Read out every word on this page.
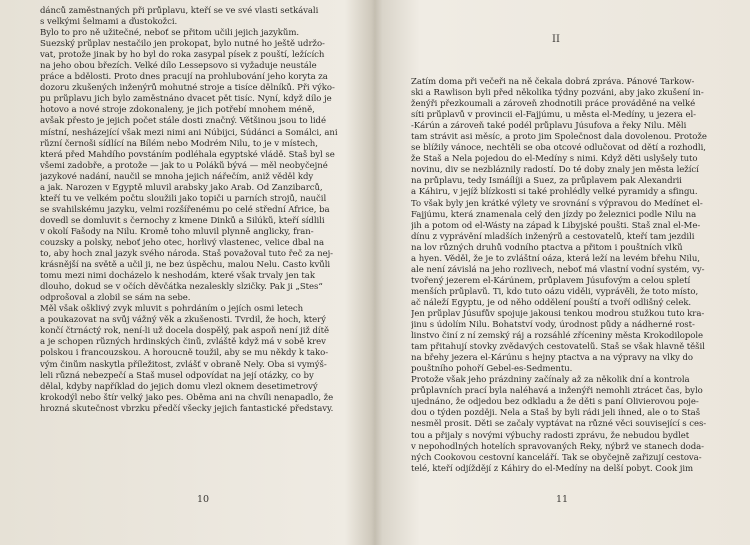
dánců zaměstnaných při průplavu, kteří se ve své vlasti setkávali
s velkými šelmami a ďustokožci.
Bylo to pro ně užitečné, neboť se přitom učili jejich jazykům.
Suezský průplav nestačilo jen prokopat, bylo nutné ho ještě udržo-
vat, protože jinak by ho byl do roka zasypal písek z pouští, ležících
na jeho obou březích. Velké dílo Lessepsovo si vyžaduje neustále
práce a bdělosti. Proto dnes pracují na prohlubování jeho koryta za
dozoru zkušených inženýrů mohutné stroje a tisíce dělníků. Při výko-
pu průplavu jich bylo zaměstnáno dvacet pět tisíc. Nyní, když dílo je
hotovo a nové stroje zdokonaleny, je jich potřebí mnohem méně,
avšak přesto je jejich počet stále dosti značný. Většinou jsou to lidé
místní, nesházející však mezi nimi ani Núbijci, Súdánci a Somálci, ani
různí černoši sídlící na Bílém nebo Modrém Nilu, to je v místech,
která před Mahdího povstáním podléhala egyptské vládě. Staš byl se
všemi zadobře, a protože — jak to u Poláků bývá — měl neobyčejné
jazykové nadání, naučil se mnoha jejich nářečím, aniž věděl kdy
a jak. Narozen v Egyptě mluvil arabsky jako Arab. Od Zanzibarců,
kteří tu ve velkém počtu sloužili jako topiči u parních strojů, naučil
se svahilskému jazyku, velmi rozšířenému po celé střední Africe, ba
dovedl se domluvit s černochy z kmene Dinků a Šilúků, kteří sídlili
v okolí Fašody na Nilu. Kromě toho mluvil plynně anglicky, fran-
couzsky a polsky, neboť jeho otec, horlivý vlastenec, velice dbal na
to, aby hoch znal jazyk svého národa. Staš považoval tuto řeč za nej-
krásnější na světě a učil ji, ne bez úspěchu, malou Nelu. Často kvůli
tomu mezi nimi docházelo k neshodám, které však trvaly jen tak
dlouho, dokud se v očích děvčátka nezaleskly slzičky. Pak ji „Stes“
odprošoval a zlobil se sám na sebe.
Měl však ošklivý zvyk mluvit s pohrdáním o jejích osmi letech
a poukazovat na svůj vážný věk a zkušenosti. Tvrdil, že hoch, který
končí čtrnáctý rok, není-li už docela dospělý, pak aspoň není již dítě
a je schopen různých hrdinských činů, zvláště když má v sobě krev
polskou i francouzskou. A horoucně toužil, aby se mu někdy k tako-
vým činům naskytla příležitost, zvlášť v obraně Nely. Oba si vymýš-
leli různá nebezpečí a Staš musel odpovídat na její otázky, co by
dělal, kdyby například do jejich domu vlezl oknem desetimetrový
krokodýl nebo štír velký jako pes. Oběma ani na chvíli nenapadlo, že
hrozná skutečnost vbrzku předčí všecky jejich fantastické představy.
10
II
Zatím doma při večeři na ně čekala dobrá zpráva. Pánové Tarkow-
ski a Rawlison byli před několika týdny pozváni, aby jako zkušení in-
ženýři přezkoumali a zároveň zhodnotili práce prováděné na velké
síti průplavů v provincii el-Fajjúmu, u města el-Medíny, u jezera el-
-Kárún a zároveň také podél průplavu Júsufova a řeky Nilu. Měli
tam strávit asi měsíc, a proto jim Společnost dala dovolenou. Protože
se blížily vánoce, nechtěli se oba otcové odlučovat od dětí a rozhodli,
že Staš a Nela pojedou do el-Medíny s nimi. Když děti uslyšely tuto
novinu, div se nezbláznily radostí. Do té doby znaly jen města ležící
na průplavu, tedy Ismáílíji a Suez, za průplavem pak Alexandrii
a Káhiru, v jejíž blízkosti si také prohlédly velké pyramidy a sfingu.
To však byly jen krátké výlety ve srovnání s výpravou do Medínet el-
Fajjúmu, která znamenala celý den jízdy po železnici podle Nilu na
jih a potom od el-Wásty na západ k Libyjské poušti. Staš znal el-Me-
dínu z vyprávění mladších inženýrů a cestovatelů, kteří tam jezdili
na lov různých druhů vodního ptactva a přitom i pouštních vlků
a hyen. Věděl, že je to zvláštní oáza, která leží na levém břehu Nilu,
ale není závislá na jeho rozlivech, neboť má vlastní vodní systém, vy-
tvořený jezerem el-Kárúnem, průplavem Júsufovým a celou spletí
menších průplavů. Ti, kdo tuto oázu viděli, vyprávěli, že toto místo,
ač náleží Egyptu, je od něho oddělení pouští a tvoří odlišný celek.
Jen průplav Júsufův spojuje jakousi tenkou modrou stužkou tuto kra-
jinu s údolím Nilu. Bohatství vody, úrodnost půdy a nádherné rost-
linstvo činí z ní zemský ráj a rozsáhlé zříceniny města Krokodilopole
tam přitahují stovky zvědavých cestovatelů. Staš se však hlavně těšil
na břehy jezera el-Kárúnu s hejny ptactva a na výpravy na vlky do
pouštního pohoří Gebel-es-Sedmentu.
Protože však jeho prázdniny začínaly až za několik dní a kontrola
průplavních prací byla naléhavá a inženýři nemohli ztrácet čas, bylo
ujednáno, že odjedou bez odkladu a že děti s paní Olivierovou poje-
dou o týden později. Nela a Staš by byli rádi jeli ihned, ale o to Staš
nesměl prosit. Děti se začaly vyptávat na různé věci související s ces-
tou a přijaly s novými výbuchy radosti zprávu, že nebudou bydlet
v nepohodlných hotelích spravovaných Řeky, nýbrž ve stanech doda-
ných Cookovou cestovní kanceláří. Tak se obyčejně zařizují cestova-
telé, kteří odjíždějí z Káhiry do el-Medíny na delší pobyt. Cook jim
11
